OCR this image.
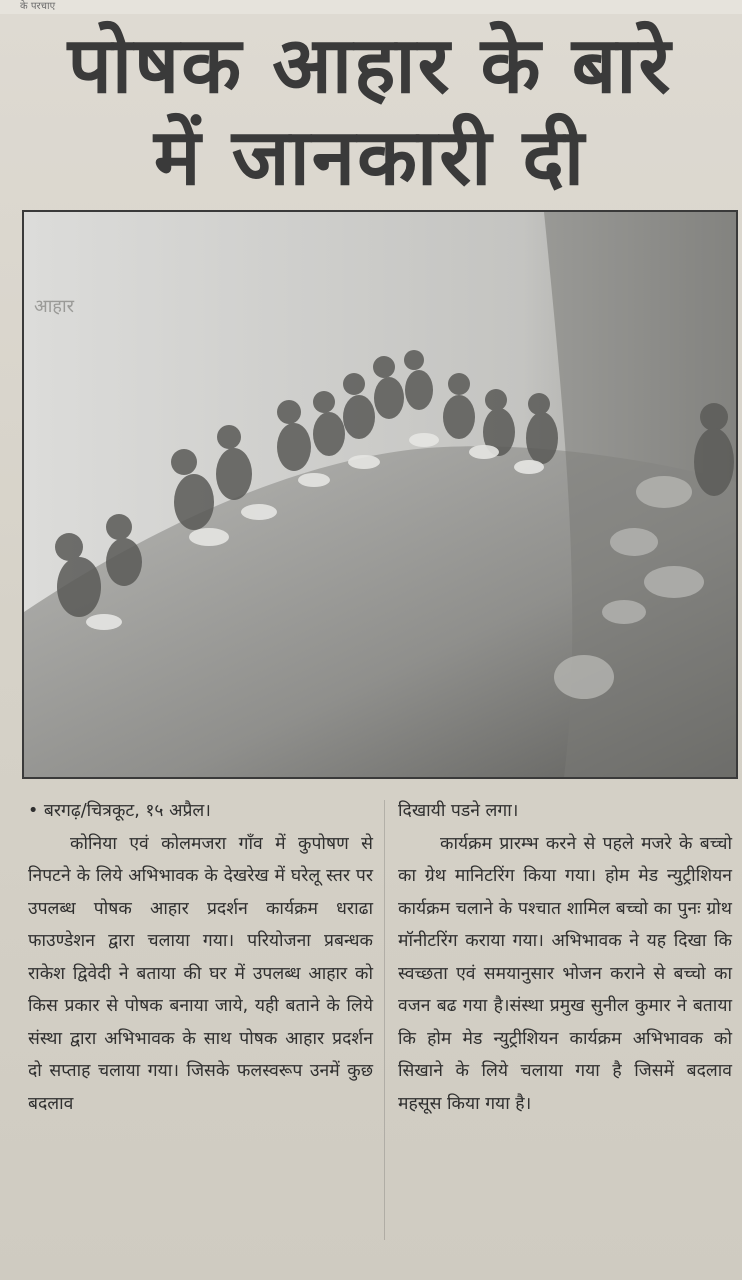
के परचाए
पोषक आहार के बारे
में जानकारी दी
आहार

• बरगढ़/चित्रकूट, १५ अप्रैल।

कोनिया एवं कोलमजरा गाँव में कुपोषण से निपटने के लिये अभिभावक के देखरेख में घरेलू स्तर पर उपलब्ध पोषक आहार प्रदर्शन कार्यक्रम धराढा फाउण्डेशन द्वारा चलाया गया। परियोजना प्रबन्धक राकेश द्विवेदी ने बताया की घर में उपलब्ध आहार को किस प्रकार से पोषक बनाया जाये, यही बताने के लिये संस्था द्वारा अभिभावक के साथ पोषक आहार प्रदर्शन दो सप्ताह चलाया गया। जिसके फलस्वरूप उनमें कुछ बदलाव

दिखायी पडने लगा।

कार्यक्रम प्रारम्भ करने से पहले मजरे के बच्चो का ग्रेथ मानिटरिंग किया गया। होम मेड न्युट्रीशियन कार्यक्रम चलाने के पश्चात शामिल बच्चो का पुनः ग्रोथ मॉनीटरिंग कराया गया। अभिभावक ने यह दिखा कि स्वच्छता एवं समयानुसार भोजन कराने से बच्चो का वजन बढ गया है।संस्था प्रमुख सुनील कुमार ने बताया कि होम मेड न्युट्रीशियन कार्यक्रम अभिभावक को सिखाने के लिये चलाया गया है जिसमें बदलाव महसूस किया गया है।
